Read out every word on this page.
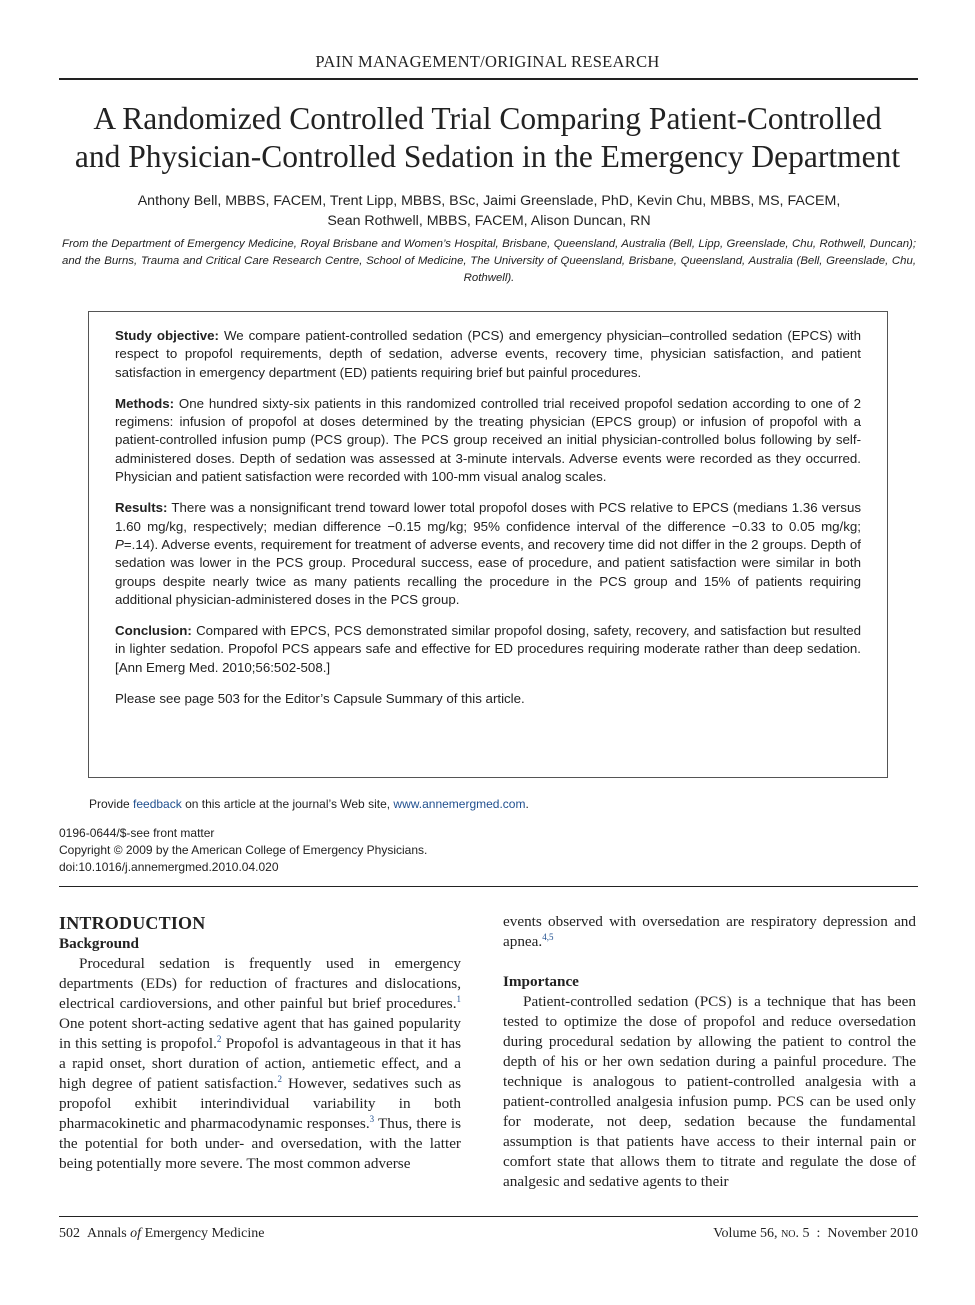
PAIN MANAGEMENT/ORIGINAL RESEARCH
A Randomized Controlled Trial Comparing Patient-Controlled
and Physician-Controlled Sedation in the Emergency Department
Anthony Bell, MBBS, FACEM, Trent Lipp, MBBS, BSc, Jaimi Greenslade, PhD, Kevin Chu, MBBS, MS, FACEM,
Sean Rothwell, MBBS, FACEM, Alison Duncan, RN
From the Department of Emergency Medicine, Royal Brisbane and Women’s Hospital, Brisbane, Queensland, Australia (Bell, Lipp, Greenslade, Chu, Rothwell, Duncan); and the Burns, Trauma and Critical Care Research Centre, School of Medicine, The University of Queensland, Brisbane, Queensland, Australia (Bell, Greenslade, Chu, Rothwell).

Study objective: We compare patient-controlled sedation (PCS) and emergency physician–controlled sedation (EPCS) with respect to propofol requirements, depth of sedation, adverse events, recovery time, physician satisfaction, and patient satisfaction in emergency department (ED) patients requiring brief but painful procedures.

Methods: One hundred sixty-six patients in this randomized controlled trial received propofol sedation according to one of 2 regimens: infusion of propofol at doses determined by the treating physician (EPCS group) or infusion of propofol with a patient-controlled infusion pump (PCS group). The PCS group received an initial physician-controlled bolus following by self-administered doses. Depth of sedation was assessed at 3-minute intervals. Adverse events were recorded as they occurred. Physician and patient satisfaction were recorded with 100-mm visual analog scales.

Results: There was a nonsignificant trend toward lower total propofol doses with PCS relative to EPCS (medians 1.36 versus 1.60 mg/kg, respectively; median difference −0.15 mg/kg; 95% confidence interval of the difference −0.33 to 0.05 mg/kg; P=.14). Adverse events, requirement for treatment of adverse events, and recovery time did not differ in the 2 groups. Depth of sedation was lower in the PCS group. Procedural success, ease of procedure, and patient satisfaction were similar in both groups despite nearly twice as many patients recalling the procedure in the PCS group and 15% of patients requiring additional physician-administered doses in the PCS group.

Conclusion: Compared with EPCS, PCS demonstrated similar propofol dosing, safety, recovery, and satisfaction but resulted in lighter sedation. Propofol PCS appears safe and effective for ED procedures requiring moderate rather than deep sedation. [Ann Emerg Med. 2010;56:502-508.]

Please see page 503 for the Editor’s Capsule Summary of this article.

Provide feedback on this article at the journal’s Web site, www.annemergmed.com.
0196-0644/$-see front matter
Copyright © 2009 by the American College of Emergency Physicians.
doi:10.1016/j.annemergmed.2010.04.020
INTRODUCTION
Background

Procedural sedation is frequently used in emergency departments (EDs) for reduction of fractures and dislocations, electrical cardioversions, and other painful but brief procedures.$^1$ One potent short-acting sedative agent that has gained popularity in this setting is propofol.$^2$ Propofol is advantageous in that it has a rapid onset, short duration of action, antiemetic effect, and a high degree of patient satisfaction.$^2$ However, sedatives such as propofol exhibit interindividual variability in both pharmacokinetic and pharmacodynamic responses.$^3$ Thus, there is the potential for both under- and oversedation, with the latter being potentially more severe. The most common adverse

events observed with oversedation are respiratory depression and apnea.$^{4,5}$

Importance

Patient-controlled sedation (PCS) is a technique that has been tested to optimize the dose of propofol and reduce oversedation during procedural sedation by allowing the patient to control the depth of his or her own sedation during a painful procedure. The technique is analogous to patient-controlled analgesia with a patient-controlled analgesia infusion pump. PCS can be used only for moderate, not deep, sedation because the fundamental assumption is that patients have access to their internal pain or comfort state that allows them to titrate and regulate the dose of analgesic and sedative agents to their

502 Annals of Emergency Medicine	Volume 56, no. 5 : November 2010
